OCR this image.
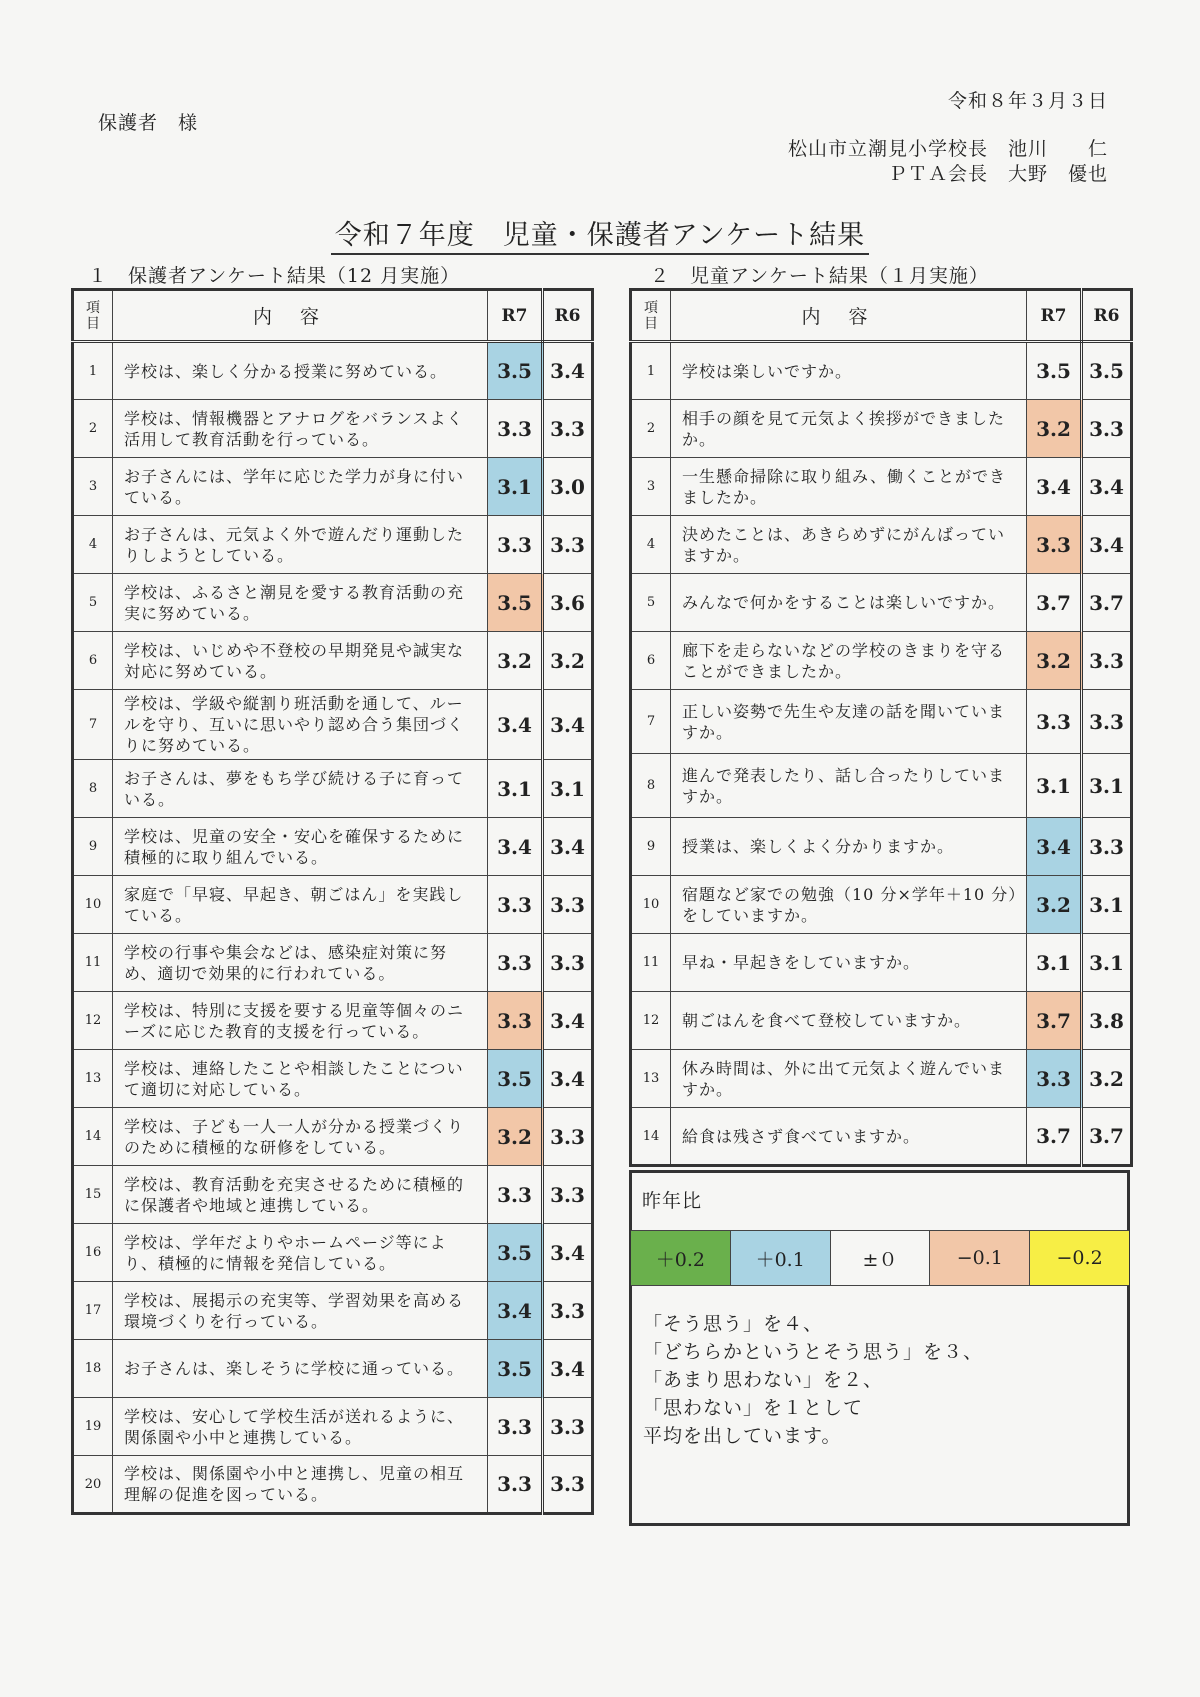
令和８年３月３日
保護者　様
松山市立潮見小学校長　池川　　仁
ＰＴＡ会長　大野　優也
令和７年度　児童・保護者アンケート結果
１　保護者アンケート結果（12 月実施）	２　児童アンケート結果（１月実施）
項
目	内容	R7	R6
1	学校は、楽しく分かる授業に努めている。	3.5	3.4
2	学校は、情報機器とアナログをバランスよく活用して教育活動を行っている。	3.3	3.3
3	お子さんには、学年に応じた学力が身に付いている。	3.1	3.0
4	お子さんは、元気よく外で遊んだり運動したりしようとしている。	3.3	3.3
5	学校は、ふるさと潮見を愛する教育活動の充実に努めている。	3.5	3.6
6	学校は、いじめや不登校の早期発見や誠実な対応に努めている。	3.2	3.2
7	学校は、学級や縦割り班活動を通して、ルールを守り、互いに思いやり認め合う集団づくりに努めている。	3.4	3.4
8	お子さんは、夢をもち学び続ける子に育っている。	3.1	3.1
9	学校は、児童の安全・安心を確保するために積極的に取り組んでいる。	3.4	3.4
10	家庭で「早寝、早起き、朝ごはん」を実践している。	3.3	3.3
11	学校の行事や集会などは、感染症対策に努め、適切で効果的に行われている。	3.3	3.3
12	学校は、特別に支援を要する児童等個々のニーズに応じた教育的支援を行っている。	3.3	3.4
13	学校は、連絡したことや相談したことについて適切に対応している。	3.5	3.4
14	学校は、子ども一人一人が分かる授業づくりのために積極的な研修をしている。	3.2	3.3
15	学校は、教育活動を充実させるために積極的に保護者や地域と連携している。	3.3	3.3
16	学校は、学年だよりやホームページ等により、積極的に情報を発信している。	3.5	3.4
17	学校は、展掲示の充実等、学習効果を高める環境づくりを行っている。	3.4	3.3
18	お子さんは、楽しそうに学校に通っている。	3.5	3.4
19	学校は、安心して学校生活が送れるように、関係園や小中と連携している。	3.3	3.3
20	学校は、関係園や小中と連携し、児童の相互理解の促進を図っている。	3.3	3.3
項
目	内容	R7	R6
1	学校は楽しいですか。	3.5	3.5
2	相手の顔を見て元気よく挨拶ができましたか。	3.2	3.3
3	一生懸命掃除に取り組み、働くことができましたか。	3.4	3.4
4	決めたことは、あきらめずにがんばっていますか。	3.3	3.4
5	みんなで何かをすることは楽しいですか。	3.7	3.7
6	廊下を走らないなどの学校のきまりを守ることができましたか。	3.2	3.3
7	正しい姿勢で先生や友達の話を聞いていますか。	3.3	3.3
8	進んで発表したり、話し合ったりしていますか。	3.1	3.1
9	授業は、楽しくよく分かりますか。	3.4	3.3
10	宿題など家での勉強（10 分×学年＋10 分）をしていますか。	3.2	3.1
11	早ね・早起きをしていますか。	3.1	3.1
12	朝ごはんを食べて登校していますか。	3.7	3.8
13	休み時間は、外に出て元気よく遊んでいますか。	3.3	3.2
14	給食は残さず食べていますか。	3.7	3.7
昨年比
＋0.2	＋0.1	±０	−0.1	−0.2
「そう思う」を４、
「どちらかというとそう思う」を３、
「あまり思わない」を２、
「思わない」を１として
平均を出しています。
